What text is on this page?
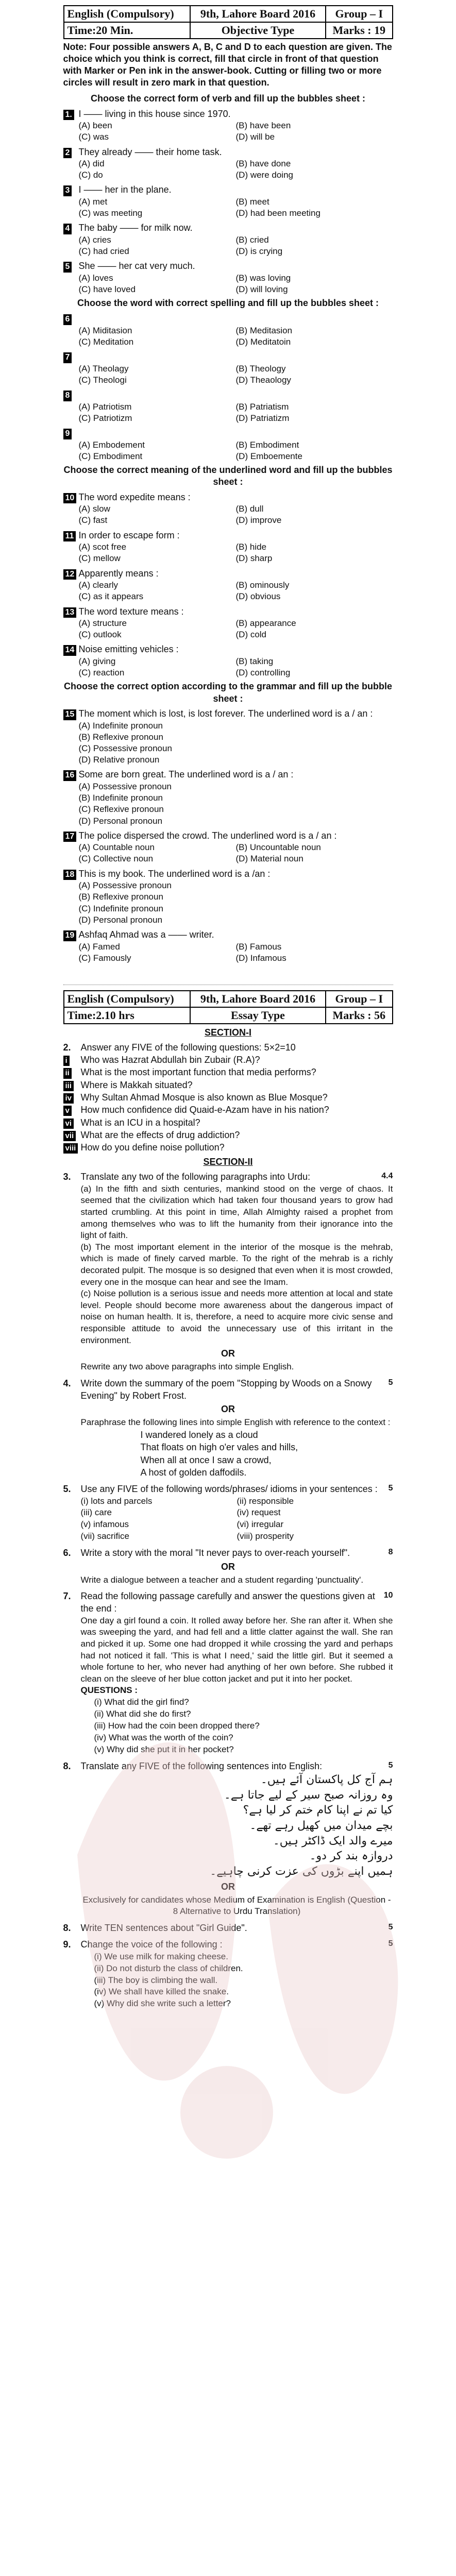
English (Compulsory)	9th, Lahore Board 2016	Group – I
Time:20 Min.	Objective Type	Marks : 19
Note: Four possible answers A, B, C and D to each question are given. The choice which you think is correct, fill that circle in front of that question with Marker or Pen ink in the answer-book. Cutting or filling two or more circles will result in zero mark in that question.
Choose the correct form of verb and fill up the bubbles sheet :
1. I —— living in this house since 1970.
(A) been	(B) have been
(C) was	(D) will be
2 They already —— their home task.
(A) did	(B) have done
(C) do	(D) were doing
3 I —— her in the plane.
(A) met	(B) meet
(C) was meeting	(D) had been meeting
4 The baby —— for milk now.
(A) cries	(B) cried
(C) had cried	(D) is crying
5 She —— her cat very much.
(A) loves	(B) was loving
(C) have loved	(D) will loving
Choose the word with correct spelling and fill up the bubbles sheet :
6
(A) Miditasion	(B) Meditasion
(C) Meditation	(D) Meditatoin
7
(A) Theolagy	(B) Theology
(C) Theologi	(D) Theaology
8
(A) Patriotism	(B) Patriatism
(C) Patriotizm	(D) Patriatizm
9
(A) Embodement	(B) Embodiment
(C) Embodiment	(D) Emboemente
Choose the correct meaning of the underlined word and fill up the bubbles sheet :
10 The word expedite means :
(A) slow	(B) dull
(C) fast	(D) improve
11 In order to escape form :
(A) scot free	(B) hide
(C) mellow	(D) sharp
12 Apparently means :
(A) clearly	(B) ominously
(C) as it appears	(D) obvious
13 The word texture means :
(A) structure	(B) appearance
(C) outlook	(D) cold
14 Noise emitting vehicles :
(A) giving	(B) taking
(C) reaction	(D) controlling
Choose the correct option according to the grammar and fill up the bubble sheet :
15 The moment which is lost, is lost forever. The underlined word is a / an :
(A) Indefinite pronoun
(B) Reflexive pronoun
(C) Possessive pronoun
(D) Relative pronoun
16 Some are born great. The underlined word is a / an :
(A) Possessive pronoun
(B) Indefinite pronoun
(C) Reflexive pronoun
(D) Personal pronoun
17 The police dispersed the crowd. The underlined word is a / an :
(A) Countable noun	(B) Uncountable noun
(C) Collective noun	(D) Material noun
18 This is my book. The underlined word is a /an :
(A) Possessive pronoun
(B) Reflexive pronoun
(C) Indefinite pronoun
(D) Personal pronoun
19 Ashfaq Ahmad was a —— writer.
(A) Famed	(B) Famous
(C) Famously	(D) Infamous
English (Compulsory)	9th, Lahore Board 2016	Group – I
Time:2.10 hrs	Essay Type	Marks : 56
SECTION-I
2.	Answer any FIVE of the following questions: 5×2=10
i	Who was Hazrat Abdullah bin Zubair (R.A)?
ii	What is the most important function that media performs?
iii Where is Makkah situated?
iv Why Sultan Ahmad Mosque is also known as Blue Mosque?
v	How much confidence did Quaid-e-Azam have in his nation?
vi What is an ICU in a hospital?
vii What are the effects of drug addiction?
viii How do you define noise pollution?
SECTION-II
3.	Translate any two of the following paragraphs into Urdu:	4.4
(a) In the fifth and sixth centuries, mankind stood on the verge of chaos. It seemed that the civilization which had taken four thousand years to grow had started crumbling. At this point in time, Allah Almighty raised a prophet from among themselves who was to lift the humanity from their ignorance into the light of faith.
(b) The most important element in the interior of the mosque is the mehrab, which is made of finely carved marble. To the right of the mehrab is a richly decorated pulpit. The mosque is so designed that even when it is most crowded, every one in the mosque can hear and see the Imam.
(c) Noise pollution is a serious issue and needs more attention at local and state level. People should become more awareness about the dangerous impact of noise on human health. It is, therefore, a need to acquire more civic sense and responsible attitude to avoid the unnecessary use of this irritant in the environment.
OR
Rewrite any two above paragraphs into simple English.
4.	Write down the summary of the poem "Stopping by Woods on a Snowy Evening" by Robert Frost.
5
OR
Paraphrase the following lines into simple English with reference to the context :
I wandered lonely as a cloud
That floats on high o'er vales and hills,
When all at once I saw a crowd,
A host of golden daffodils.
5.	Use any FIVE of the following words/phrases/ idioms in your sentences :	5
(i) lots and parcels	(ii) responsible
(iii) care	(iv) request
(v) infamous	(vi) irregular
(vii) sacrifice	(viii) prosperity
6.	Write a story with the moral "It never pays to over-reach yourself".	8
OR
Write a dialogue between a teacher and a student regarding 'punctuality'.
7.	Read the following passage carefully and answer the questions given at the end :
10
One day a girl found a coin. It rolled away before her. She ran after it. When she was sweeping the yard, and had fell and a little clatter against the wall. She ran and picked it up. Some one had dropped it while crossing the yard and perhaps had not noticed it fall. 'This is what I need,' said the little girl. But it seemed a whole fortune to her, who never had anything of her own before. She rubbed it clean on the sleeve of her blue cotton jacket and put it into her pocket.
QUESTIONS :
(i) What did the girl find?
(ii) What did she do first?
(iii) How had the coin been dropped there?
(iv) What was the worth of the coin?
(v) Why did she put it in her pocket?
8.	Translate any FIVE of the following sentences into English:	5
ہم آج کل پاکستان آئے ہیں۔
وہ روزانہ صبح سیر کے لیے جاتا ہے۔
کیا تم نے اپنا کام ختم کر لیا ہے؟
بچے میدان میں کھیل رہے تھے۔
میرے والد ایک ڈاکٹر ہیں۔
دروازہ بند کر دو۔
ہمیں اپنے بڑوں کی عزت کرنی چاہیے۔
OR
Exclusively for candidates whose Medium of Examination is English (Question - 8 Alternative to Urdu Translation)
8.	Write TEN sentences about "Girl Guide".	5
9.	Change the voice of the following :	5
(i) We use milk for making cheese.
(ii) Do not disturb the class of children.
(iii) The boy is climbing the wall.
(iv) We shall have killed the snake.
(v) Why did she write such a letter?
